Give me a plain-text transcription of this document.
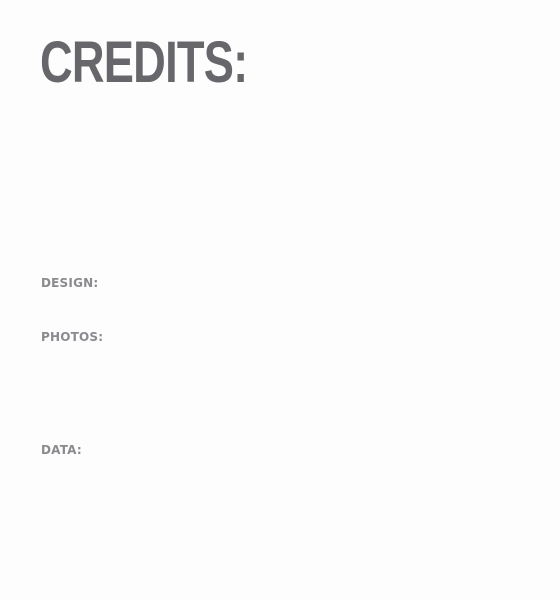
CREDITS:
DESIGN:
PHOTOS:
DATA:
